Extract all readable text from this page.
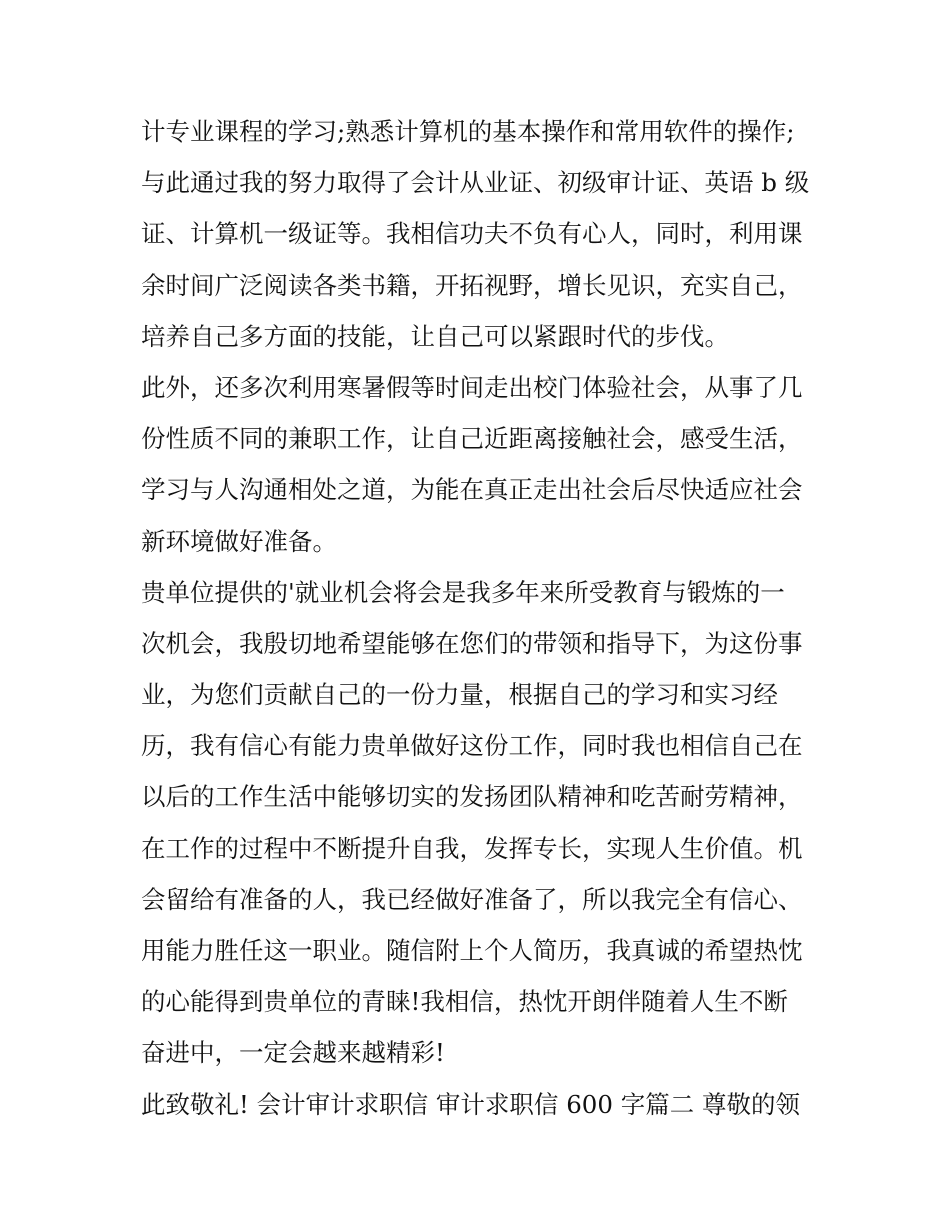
计专业课程的学习;熟悉计算机的基本操作和常用软件的操作;
与此通过我的努力取得了会计从业证、初级审计证、英语 b 级
证、计算机一级证等。我相信功夫不负有心人，同时，利用课
余时间广泛阅读各类书籍，开拓视野，增长见识，充实自己，
培养自己多方面的技能，让自己可以紧跟时代的步伐。
此外，还多次利用寒暑假等时间走出校门体验社会，从事了几
份性质不同的兼职工作，让自己近距离接触社会，感受生活，
学习与人沟通相处之道，为能在真正走出社会后尽快适应社会
新环境做好准备。
贵单位提供的'就业机会将会是我多年来所受教育与锻炼的一
次机会，我殷切地希望能够在您们的带领和指导下，为这份事
业，为您们贡献自己的一份力量，根据自己的学习和实习经
历，我有信心有能力贵单做好这份工作，同时我也相信自己在
以后的工作生活中能够切实的发扬团队精神和吃苦耐劳精神，
在工作的过程中不断提升自我，发挥专长，实现人生价值。机
会留给有准备的人，我已经做好准备了，所以我完全有信心、
用能力胜任这一职业。随信附上个人简历，我真诚的希望热忱
的心能得到贵单位的青睐!我相信，热忱开朗伴随着人生不断
奋进中，一定会越来越精彩!
此致敬礼! 会计审计求职信 审计求职信 600 字篇二 尊敬的领
